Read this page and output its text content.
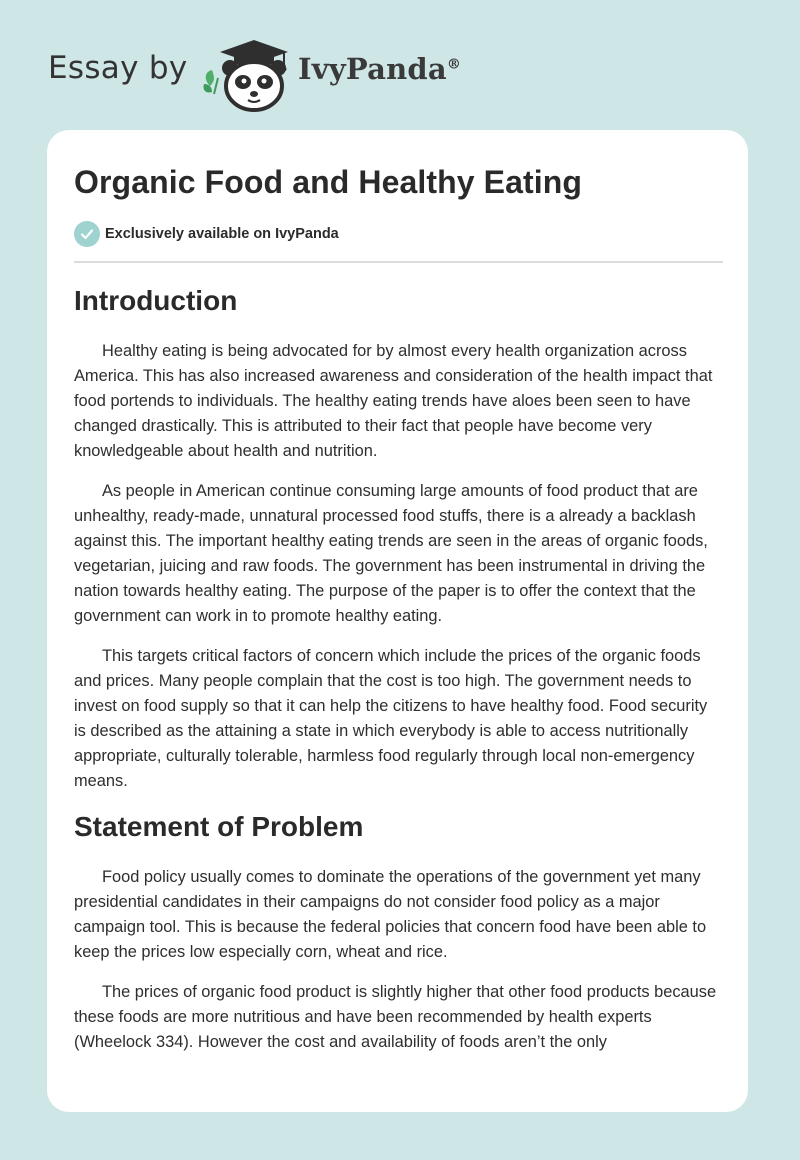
Essay by	IvyPanda®
Organic Food and Healthy Eating
Exclusively available on IvyPanda
Introduction

Healthy eating is being advocated for by almost every health organization across America. This has also increased awareness and consideration of the health impact that food portends to individuals. The healthy eating trends have aloes been seen to have changed drastically. This is attributed to their fact that people have become very knowledgeable about health and nutrition.

As people in American continue consuming large amounts of food product that are unhealthy, ready-made, unnatural processed food stuffs, there is a already a backlash against this. The important healthy eating trends are seen in the areas of organic foods, vegetarian, juicing and raw foods. The government has been instrumental in driving the nation towards healthy eating. The purpose of the paper is to offer the context that the government can work in to promote healthy eating.

This targets critical factors of concern which include the prices of the organic foods and prices. Many people complain that the cost is too high. The government needs to invest on food supply so that it can help the citizens to have healthy food. Food security is described as the attaining a state in which everybody is able to access nutritionally appropriate, culturally tolerable, harmless food regularly through local non-emergency means.

Statement of Problem

Food policy usually comes to dominate the operations of the government yet many presidential candidates in their campaigns do not consider food policy as a major campaign tool. This is because the federal policies that concern food have been able to keep the prices low especially corn, wheat and rice.

The prices of organic food product is slightly higher that other food products because these foods are more nutritious and have been recommended by health experts (Wheelock 334). However the cost and availability of foods aren’t the only
